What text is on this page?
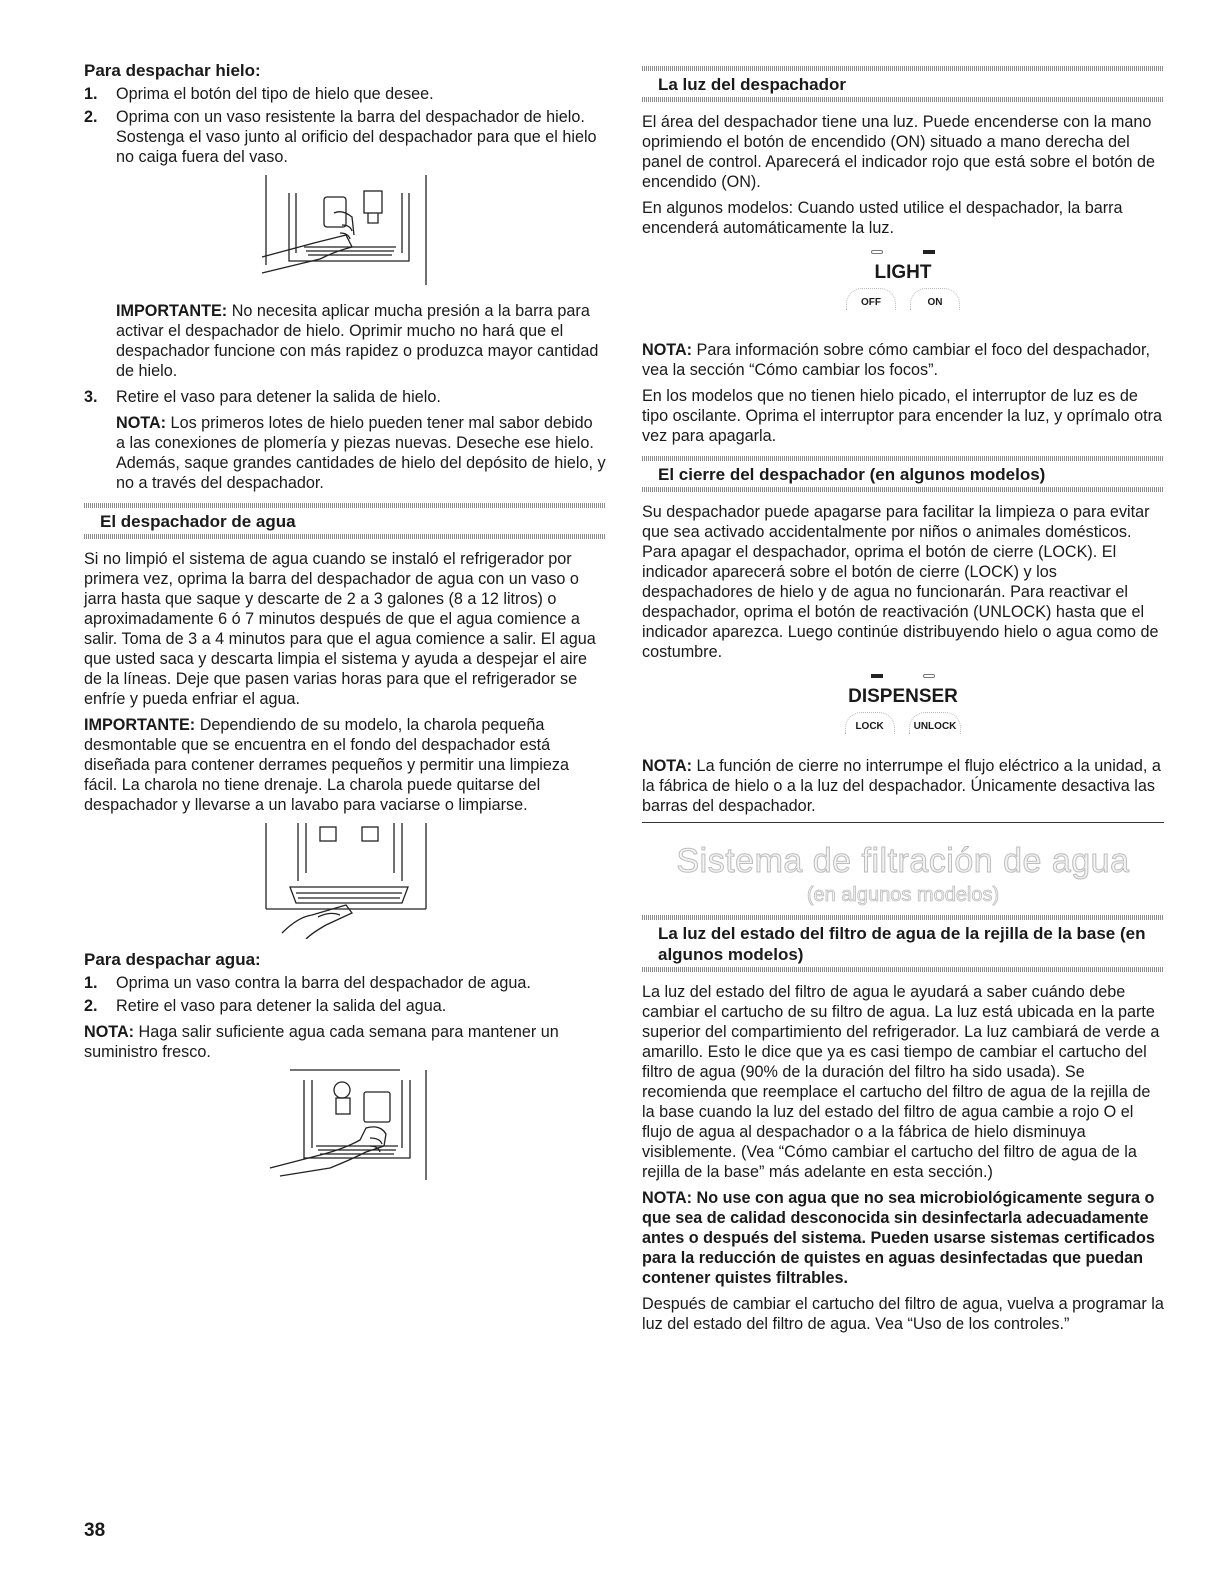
Para despachar hielo:
1. Oprima el botón del tipo de hielo que desee.
2. Oprima con un vaso resistente la barra del despachador de hielo. Sostenga el vaso junto al orificio del despachador para que el hielo no caiga fuera del vaso.

IMPORTANTE: No necesita aplicar mucha presión a la barra para activar el despachador de hielo. Oprimir mucho no hará que el despachador funcione con más rapidez o produzca mayor cantidad de hielo.

3. Retire el vaso para detener la salida de hielo.

NOTA: Los primeros lotes de hielo pueden tener mal sabor debido a las conexiones de plomería y piezas nuevas. Deseche ese hielo. Además, saque grandes cantidades de hielo del depósito de hielo, y no a través del despachador.

El despachador de agua

Si no limpió el sistema de agua cuando se instaló el refrigerador por primera vez, oprima la barra del despachador de agua con un vaso o jarra hasta que saque y descarte de 2 a 3 galones (8 a 12 litros) o aproximadamente 6 ó 7 minutos después de que el agua comience a salir. Toma de 3 a 4 minutos para que el agua comience a salir. El agua que usted saca y descarta limpia el sistema y ayuda a despejar el aire de la líneas. Deje que pasen varias horas para que el refrigerador se enfríe y pueda enfriar el agua.

IMPORTANTE: Dependiendo de su modelo, la charola pequeña desmontable que se encuentra en el fondo del despachador está diseñada para contener derrames pequeños y permitir una limpieza fácil. La charola no tiene drenaje. La charola puede quitarse del despachador y llevarse a un lavabo para vaciarse o limpiarse.

Para despachar agua:
1. Oprima un vaso contra la barra del despachador de agua.
2. Retire el vaso para detener la salida del agua.

NOTA: Haga salir suficiente agua cada semana para mantener un suministro fresco.

La luz del despachador

El área del despachador tiene una luz. Puede encenderse con la mano oprimiendo el botón de encendido (ON) situado a mano derecha del panel de control. Aparecerá el indicador rojo que está sobre el botón de encendido (ON).

En algunos modelos: Cuando usted utilice el despachador, la barra encenderá automáticamente la luz.

LIGHT
OFF	ON

NOTA: Para información sobre cómo cambiar el foco del despachador, vea la sección “Cómo cambiar los focos”.

En los modelos que no tienen hielo picado, el interruptor de luz es de tipo oscilante. Oprima el interruptor para encender la luz, y oprímalo otra vez para apagarla.

El cierre del despachador (en algunos modelos)

Su despachador puede apagarse para facilitar la limpieza o para evitar que sea activado accidentalmente por niños o animales domésticos. Para apagar el despachador, oprima el botón de cierre (LOCK). El indicador aparecerá sobre el botón de cierre (LOCK) y los despachadores de hielo y de agua no funcionarán. Para reactivar el despachador, oprima el botón de reactivación (UNLOCK) hasta que el indicador aparezca. Luego continúe distribuyendo hielo o agua como de costumbre.

DISPENSER
LOCK	UNLOCK

NOTA: La función de cierre no interrumpe el flujo eléctrico a la unidad, a la fábrica de hielo o a la luz del despachador. Únicamente desactiva las barras del despachador.

Sistema de filtración de agua
(en algunos modelos)
La luz del estado del filtro de agua de la rejilla de la base (en algunos modelos)

La luz del estado del filtro de agua le ayudará a saber cuándo debe cambiar el cartucho de su filtro de agua. La luz está ubicada en la parte superior del compartimiento del refrigerador. La luz cambiará de verde a amarillo. Esto le dice que ya es casi tiempo de cambiar el cartucho del filtro de agua (90% de la duración del filtro ha sido usada). Se recomienda que reemplace el cartucho del filtro de agua de la rejilla de la base cuando la luz del estado del filtro de agua cambie a rojo O el flujo de agua al despachador o a la fábrica de hielo disminuya visiblemente. (Vea “Cómo cambiar el cartucho del filtro de agua de la rejilla de la base” más adelante en esta sección.)

NOTA: No use con agua que no sea microbiológicamente segura o que sea de calidad desconocida sin desinfectarla adecuadamente antes o después del sistema. Pueden usarse sistemas certificados para la reducción de quistes en aguas desinfectadas que puedan contener quistes filtrables.

Después de cambiar el cartucho del filtro de agua, vuelva a programar la luz del estado del filtro de agua. Vea “Uso de los controles.”

38
